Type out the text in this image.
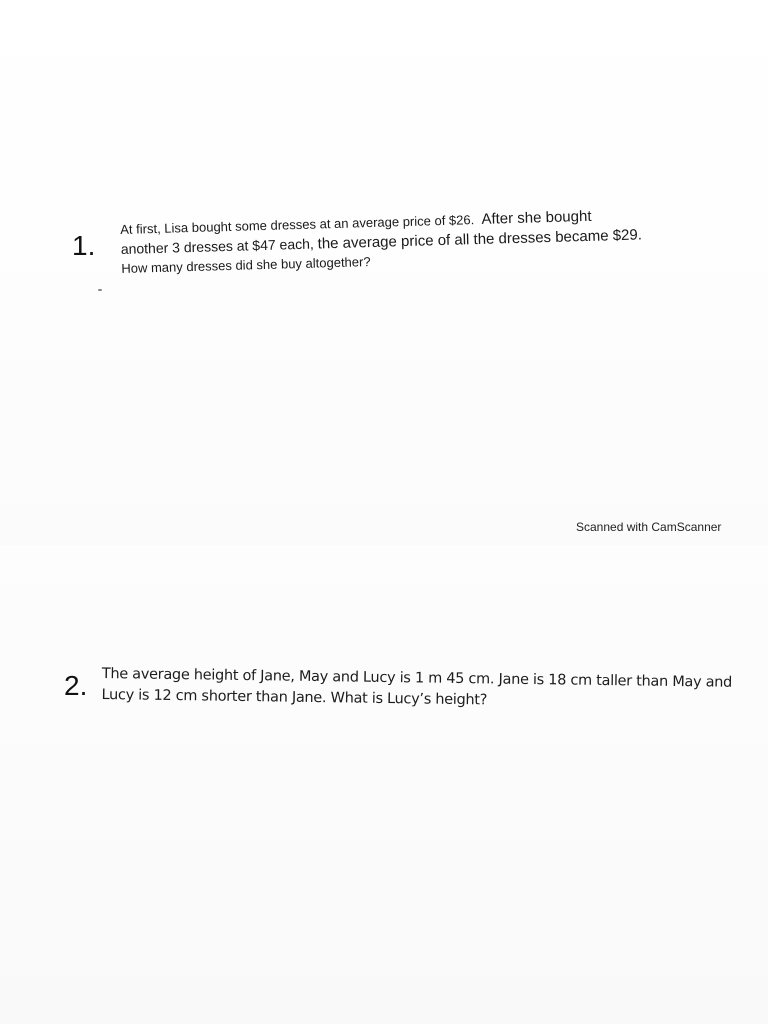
1.
At first, Lisa bought some dresses at an average price of $26. After she bought
another 3 dresses at $47 each, the average price of all the dresses became $29.
How many dresses did she buy altogether?
Scanned with CamScanner
2. The average height of Jane, May and Lucy is 1 m 45 cm. Jane is 18 cm taller than May and
Lucy is 12 cm shorter than Jane. What is Lucy’s height?
